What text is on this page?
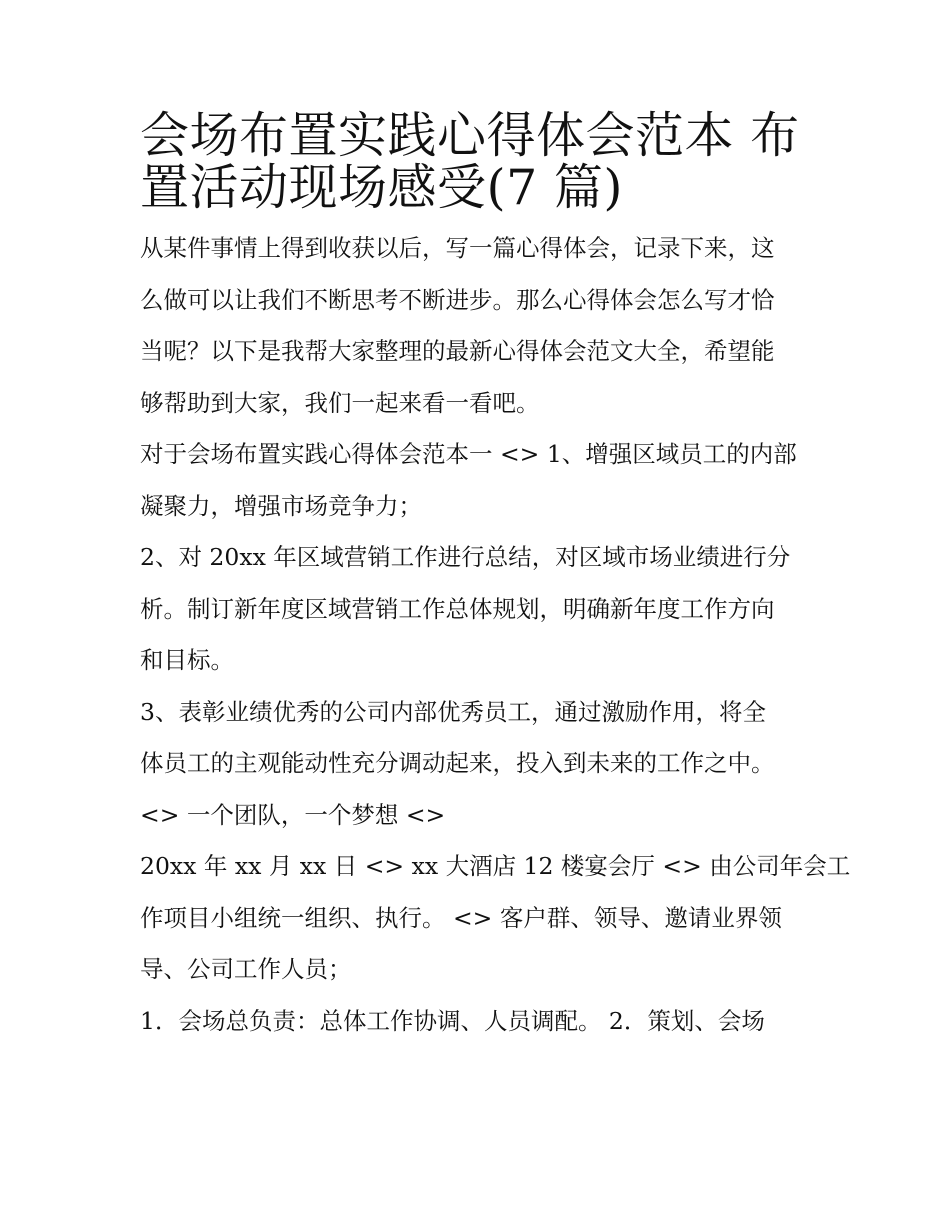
会场布置实践心得体会范本 布
置活动现场感受(7 篇)
从某件事情上得到收获以后，写一篇心得体会，记录下来，这
么做可以让我们不断思考不断进步。那么心得体会怎么写才恰
当呢？以下是我帮大家整理的最新心得体会范文大全，希望能
够帮助到大家，我们一起来看一看吧。
对于会场布置实践心得体会范本一 <> 1、增强区域员工的内部
凝聚力，增强市场竞争力；
2、对 20xx 年区域营销工作进行总结，对区域市场业绩进行分
析。制订新年度区域营销工作总体规划，明确新年度工作方向
和目标。
3、表彰业绩优秀的公司内部优秀员工，通过激励作用，将全
体员工的主观能动性充分调动起来，投入到未来的工作之中。
<> 一个团队，一个梦想 <>
20xx 年 xx 月 xx 日 <> xx 大酒店 12 楼宴会厅 <> 由公司年会工
作项目小组统一组织、执行。 <> 客户群、领导、邀请业界领
导、公司工作人员；
1．会场总负责：总体工作协调、人员调配。 2．策划、会场
